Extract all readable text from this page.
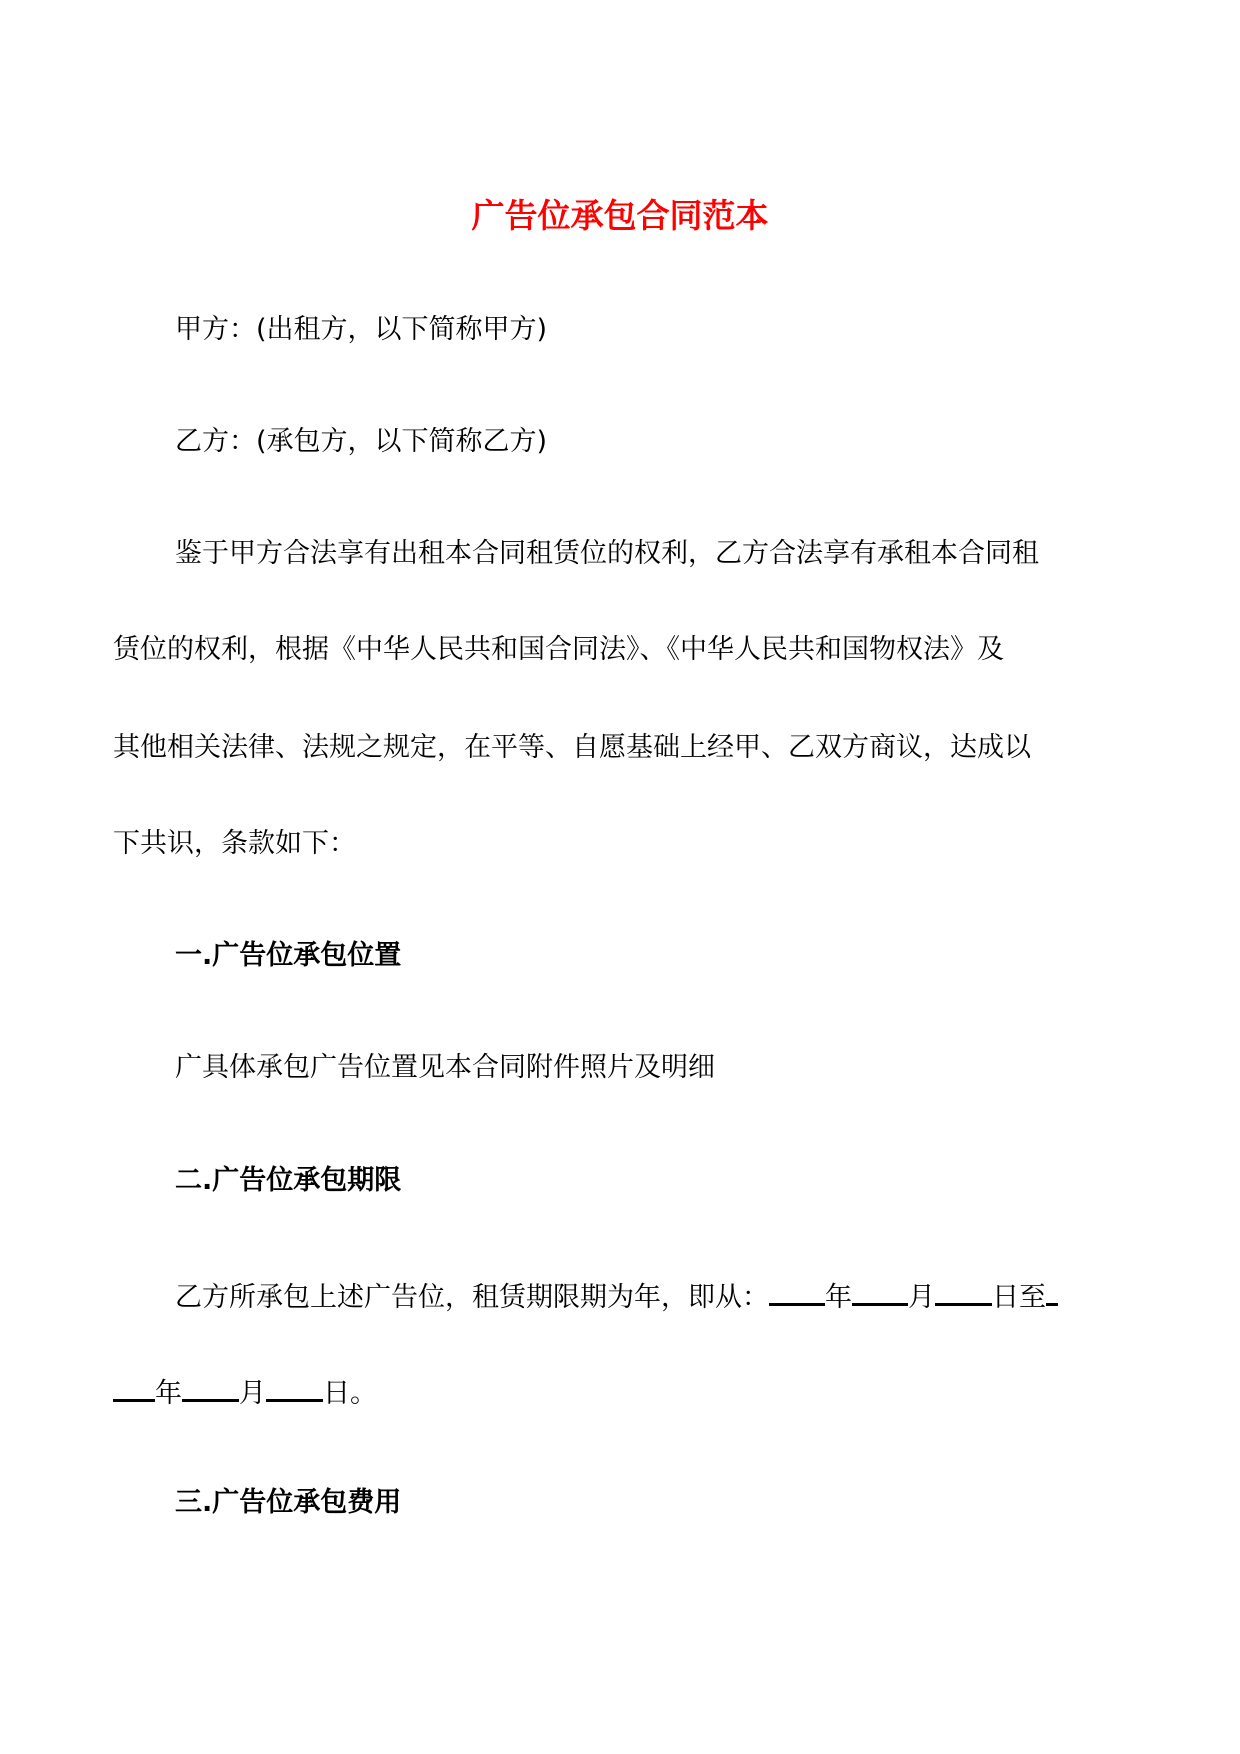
广告位承包合同范本
甲方：(出租方，以下简称甲方)
乙方：(承包方，以下简称乙方)
鉴于甲方合法享有出租本合同租赁位的权利，乙方合法享有承租本合同租
赁位的权利，根据《中华人民共和国合同法》、《中华人民共和国物权法》及
其他相关法律、法规之规定，在平等、自愿基础上经甲、乙双方商议，达成以
下共识，条款如下：
一.广告位承包位置
广具体承包广告位置见本合同附件照片及明细
二.广告位承包期限
乙方所承包上述广告位，租赁期限期为年，即从： 年 月 日至
年 月 日。
三.广告位承包费用
